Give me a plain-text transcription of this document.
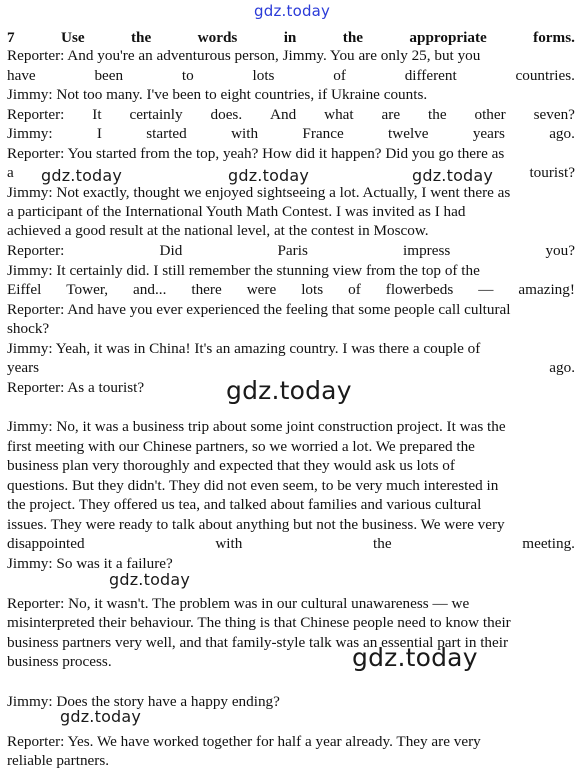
7	Use	the	words	in	the	appropriate	forms.
Reporter: And you're an adventurous person, Jimmy. You are only 25, but you
have	been	to	lots	of	different	countries.
Jimmy: Not too many. I've been to eight countries, if Ukraine counts.
Reporter: It certainly does. And what are the other seven?
Jimmy:	I	started	with	France	twelve	years	ago.
Reporter: You started from the top, yeah? How did it happen? Did you go there as
a	tourist?
Jimmy: Not exactly, thought we enjoyed sightseeing a lot. Actually, I went there as
a participant of the International Youth Math Contest. I was invited as I had
achieved a good result at the national level, at the contest in Moscow.
Reporter:	Did	Paris	impress	you?
Jimmy: It certainly did. I still remember the stunning view from the top of the
Eiffel Tower, and... there were lots of flowerbeds — amazing!
Reporter: And have you ever experienced the feeling that some people call cultural
shock?
Jimmy: Yeah, it was in China! It's an amazing country. I was there a couple of
years	ago.
Reporter: As a tourist?
Jimmy: No, it was a business trip about some joint construction project. It was the
first meeting with our Chinese partners, so we worried a lot. We prepared the
business plan very thoroughly and expected that they would ask us lots of
questions. But they didn't. They did not even seem, to be very much interested in
the project. They offered us tea, and talked about families and various cultural
issues. They were ready to talk about anything but not the business. We were very
disappointed	with	the	meeting.
Jimmy: So was it a failure?
Reporter: No, it wasn't. The problem was in our cultural unawareness — we
misinterpreted their behaviour. The thing is that Chinese people need to know their
business partners very well, and that family-style talk was an essential part in their
business process.
Jimmy: Does the story have a happy ending?
Reporter: Yes. We have worked together for half a year already. They are very
reliable partners.
gdz.today
gdz.today	gdz.today	gdz.today
gdz.today
gdz.today
gdz.today
gdz.today
